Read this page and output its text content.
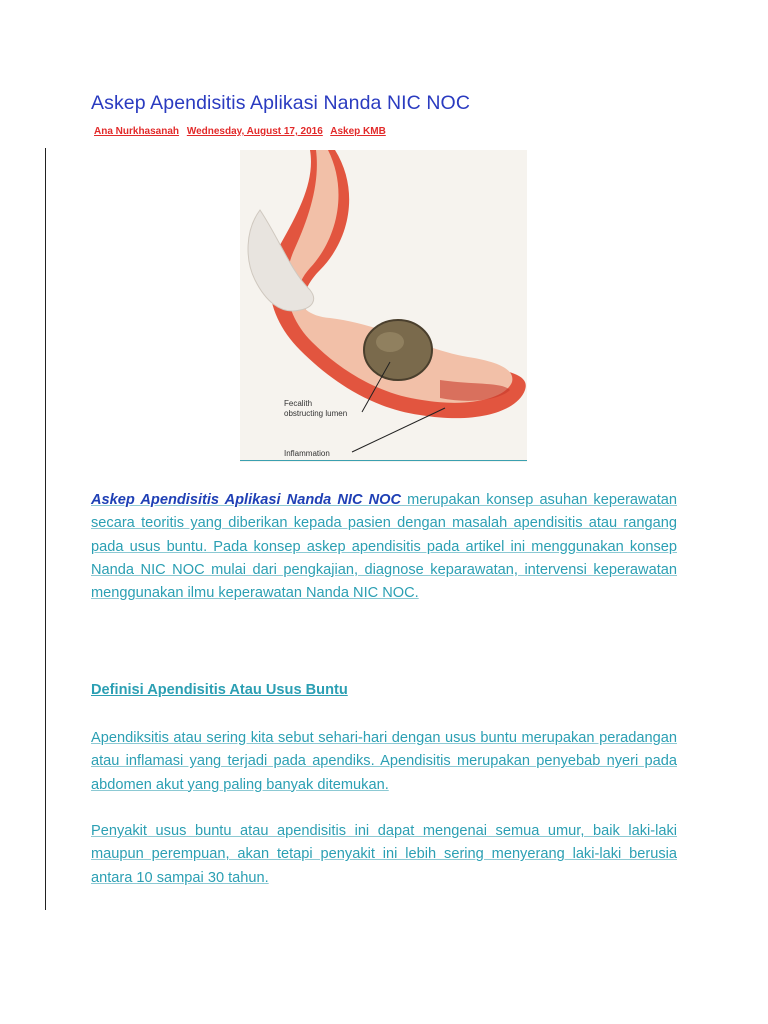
Askep Apendisitis Aplikasi Nanda NIC NOC
Ana Nurkhasanah Wednesday, August 17, 2016 Askep KMB
Fecalith
obstructing lumen
Inflammation

Askep Apendisitis Aplikasi Nanda NIC NOC merupakan konsep asuhan keperawatan secara teoritis yang diberikan kepada pasien dengan masalah apendisitis atau rangang pada usus buntu. Pada konsep askep apendisitis pada artikel ini menggunakan konsep Nanda NIC NOC mulai dari pengkajian, diagnose keparawatan, intervensi keperawatan menggunakan ilmu keperawatan Nanda NIC NOC.

Definisi Apendisitis Atau Usus Buntu

Apendiksitis atau sering kita sebut sehari-hari dengan usus buntu merupakan peradangan atau inflamasi yang terjadi pada apendiks. Apendisitis merupakan penyebab nyeri pada abdomen akut yang paling banyak ditemukan.

Penyakit usus buntu atau apendisitis ini dapat mengenai semua umur, baik laki-laki maupun perempuan, akan tetapi penyakit ini lebih sering menyerang laki-laki berusia antara 10 sampai 30 tahun.
